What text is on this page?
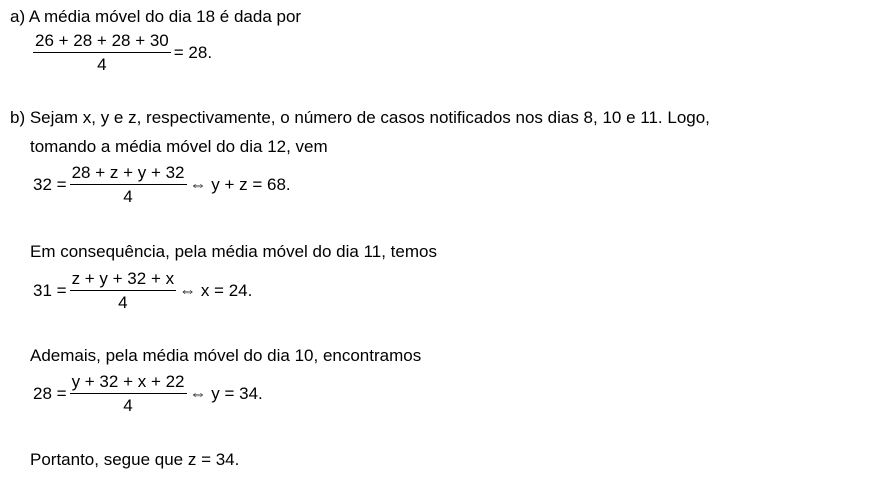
a) A média móvel do dia 18 é dada por
$\frac{26 + 28 + 28 + 30}{4} = 28$.
b) Sejam x, y e z, respectivamente, o número de casos notificados nos dias 8, 10 e 11. Logo,
tomando a média móvel do dia 12, vem
$32 = \frac{28 + z + y + 32}{4}$ ⇔ y + z = 68.
Em consequência, pela média móvel do dia 11, temos
$31 = \frac{z + y + 32 + x}{4}$ ⇔ x = 24.
Ademais, pela média móvel do dia 10, encontramos
$28 = \frac{y + 32 + x + 22}{4}$ ⇔ y = 34.
Portanto, segue que z = 34.
